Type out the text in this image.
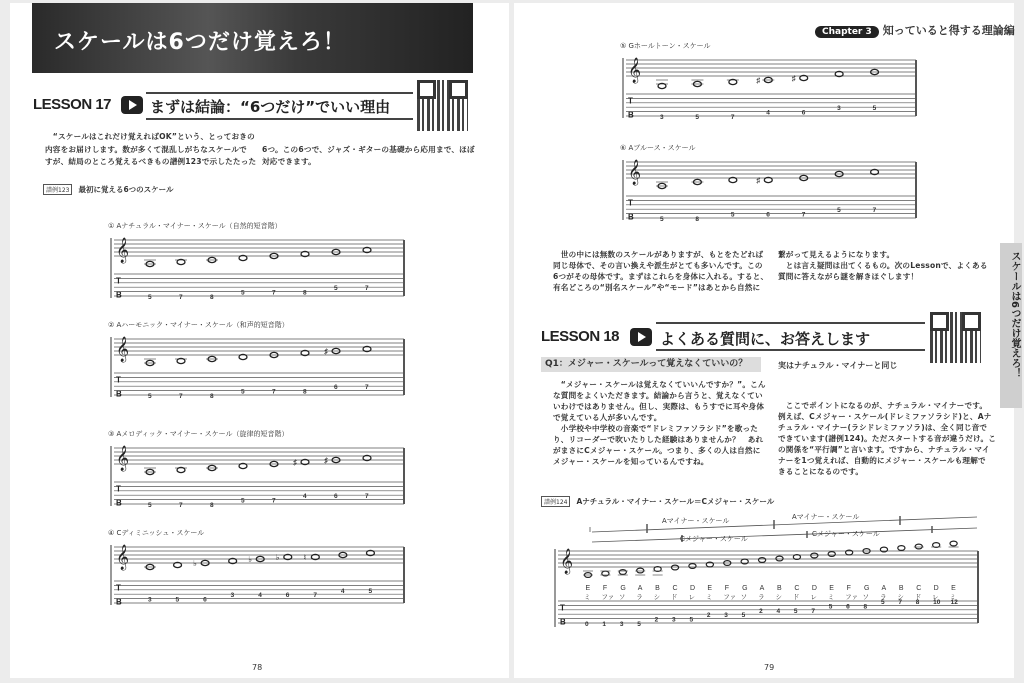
スケールは6つだけ覚えろ！
LESSON 17	まずは結論：“6つだけ”でいい理由
　“スケールはこれだけ覚えればOK”という、とっておきの
内容をお届けします。数が多くて混乱しがちなスケールで
すが、結局のところ覚えるべきもの譜例123で示したたった
6つ。この6つで、ジャズ・ギターの基礎から応用まで、ほぼ
対応できます。
譜例123 最初に覚える6つのスケール
① Aナチュラル・マイナー・スケール（自然的短音階）
𝄞
T
B	5	7	8
5	7	8
5	7
② Aハーモニック・マイナー・スケール（和声的短音階）
𝄞
T
B	5	7	8
5	7	8
♯
6	7
③ Aメロディック・マイナー・スケール（旋律的短音階）
𝄞
T
B	5	7	8
5	7
♯
4
♯
6	7
④ Cディミニッシュ・スケール
𝄞
T
B	3	5
♭
6
3
♭
4
♭
6
♮
7
4	5
78
Chapter 3 知っていると得する理論編
スケールは6つだけ覚えろ！
⑤ Gホールトーン・スケール
𝄞
T
B	3	5	7
♯
4
♯
6
3	5
⑥ Aブルース・スケール
𝄞
T
B	5	8
5
♯
6	7
5	7
　世の中には無数のスケールがありますが、もとをたどれば
同じ母体で、その言い換えや派生がとても多いんです。この
6つがその母体です。まずはこれらを身体に入れる。すると、
有名どころの“別名スケール”や“モード”はあとから自然に
繋がって見えるようになります。
　とは言え疑問は出てくるもの。次のLessonで、よくある
質問に答えながら謎を解きほぐします！
LESSON 18	よくある質問に、お答えします
Q1：メジャー・スケールって覚えなくていいの？	実はナチュラル・マイナーと同じ
　“メジャー・スケールは覚えなくていいんですか？”。こん
な質問をよくいただきます。結論から言うと、覚えなくてい
いわけではありません。但し、実際は、もうすでに耳や身体
で覚えている人が多いんです。
　小学校や中学校の音楽で“ドレミファソラシド”を歌った
り、リコーダーで吹いたりした経験はありませんか？　あれ
がまさにCメジャー・スケール。つまり、多くの人は自然に
メジャー・スケールを知っているんですね。
　ここでポイントになるのが、ナチュラル・マイナーです。
例えば、Cメジャー・スケール(ドレミファソラシド)と、Aナ
チュラル・マイナー(ラシドレミファソラ)は、全く同じ音で
できています(譜例124)。ただスタートする音が違うだけ。こ
の関係を“平行調”と言います。ですから、ナチュラル・マイ
ナーを1つ覚えれば、自動的にメジャー・スケールも理解で
きることになるのです。
譜例124 Aナチュラル・マイナー・スケール＝Cメジャー・スケール
Aマイナー・スケール
Aマイナー・スケール
Cメジャー・スケール
Cメジャー・スケール
𝄞
T
B
E
ミ
0
F
ファ
1
G
ソ
3
A
ラ
5
B
シ
2
C
ド
3
D
レ
5
E
ミ
2
F
ファ
3
G
ソ
5
A
ラ
2
B
シ
4
C
ド
5
D
レ
7
E
ミ
5
F
ファ
6
G
ソ
8
A
ラ
5
B
シ
7
C
ド
8
D
レ
10
E
ミ
12
79
